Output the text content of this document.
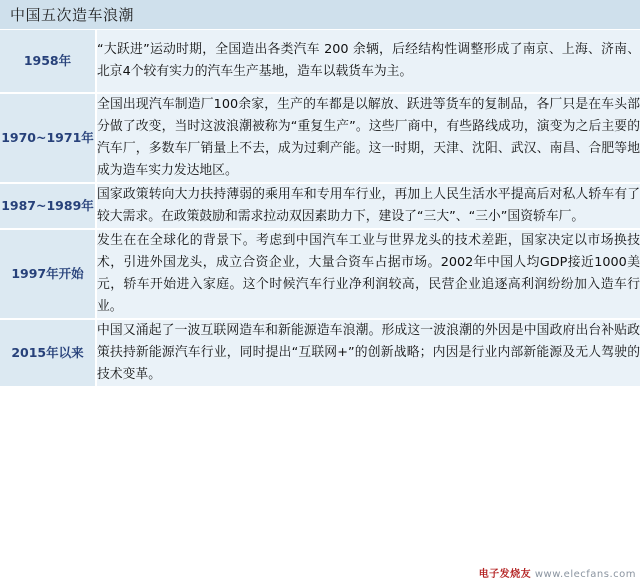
中国五次造车浪潮
1958年	“大跃进”运动时期，全国造出各类汽车 200 余辆，后经结构性调整形成了南京、上海、济南、北京4个较有实力的汽车生产基地，造车以载货车为主。
1970~1971年	全国出现汽车制造厂100余家，生产的车都是以解放、跃进等货车的复制品，各厂只是在车头部分做了改变，当时这波浪潮被称为“重复生产”。这些厂商中，有些路线成功，演变为之后主要的汽车厂，多数车厂销量上不去，成为过剩产能。这一时期，天津、沈阳、武汉、南昌、合肥等地成为造车实力发达地区。
1987~1989年	国家政策转向大力扶持薄弱的乘用车和专用车行业，再加上人民生活水平提高后对私人轿车有了较大需求。在政策鼓励和需求拉动双因素助力下，建设了“三大”、“三小”国资轿车厂。
1997年开始	发生在在全球化的背景下。考虑到中国汽车工业与世界龙头的技术差距，国家决定以市场换技术，引进外国龙头，成立合资企业，大量合资车占据市场。2002年中国人均GDP接近1000美元，轿车开始进入家庭。这个时候汽车行业净利润较高，民营企业追逐高利润纷纷加入造车行业。
2015年以来	中国又涌起了一波互联网造车和新能源造车浪潮。形成这一波浪潮的外因是中国政府出台补贴政策扶持新能源汽车行业，同时提出“互联网+”的创新战略；内因是行业内部新能源及无人驾驶的技术变革。
电子发烧友 www.elecfans.com
